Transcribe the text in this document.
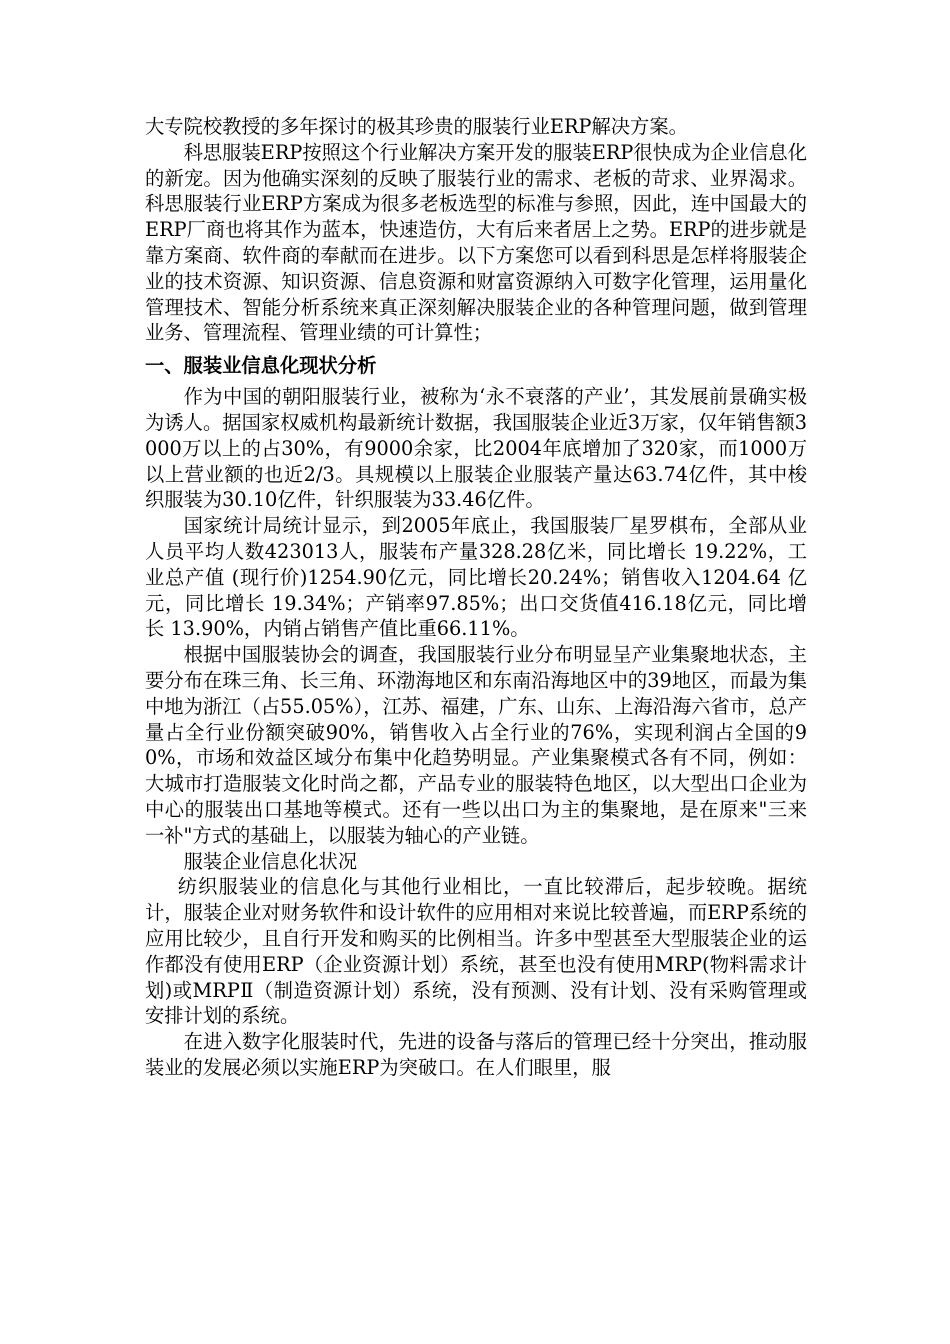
大专院校教授的多年探讨的极其珍贵的服装行业ERP解决方案。

科思服装ERP按照这个行业解决方案开发的服装ERP很快成为企业信息化的新宠。因为他确实深刻的反映了服装行业的需求、老板的苛求、业界渴求。科思服装行业ERP方案成为很多老板选型的标准与参照，因此，连中国最大的ERP厂商也将其作为蓝本，快速造仿，大有后来者居上之势。ERP的进步就是靠方案商、软件商的奉献而在进步。以下方案您可以看到科思是怎样将服装企业的技术资源、知识资源、信息资源和财富资源纳入可数字化管理，运用量化管理技术、智能分析系统来真正深刻解决服装企业的各种管理问题，做到管理业务、管理流程、管理业绩的可计算性；

一、服装业信息化现状分析

作为中国的朝阳服装行业，被称为‘永不衰落的产业’，其发展前景确实极为诱人。据国家权威机构最新统计数据，我国服装企业近3万家，仅年销售额3000万以上的占30%，有9000余家，比2004年底增加了320家，而1000万以上营业额的也近2/3。具规模以上服装企业服装产量达63.74亿件，其中梭织服装为30.10亿件，针织服装为33.46亿件。

国家统计局统计显示，到2005年底止，我国服装厂星罗棋布，全部从业人员平均人数423013人，服装布产量328.28亿米，同比增长 19.22%，工业总产值 (现行价)1254.90亿元，同比增长20.24%；销售收入1204.64 亿元，同比增长 19.34%；产销率97.85%；出口交货值416.18亿元，同比增长 13.90%，内销占销售产值比重66.11%。

根据中国服装协会的调查，我国服装行业分布明显呈产业集聚地状态，主要分布在珠三角、长三角、环渤海地区和东南沿海地区中的39地区，而最为集中地为浙江（占55.05%），江苏、福建，广东、山东、上海沿海六省市，总产量占全行业份额突破90%，销售收入占全行业的76%，实现利润占全国的90%，市场和效益区域分布集中化趋势明显。产业集聚模式各有不同，例如：大城市打造服装文化时尚之都，产品专业的服装特色地区，以大型出口企业为中心的服装出口基地等模式。还有一些以出口为主的集聚地，是在原来"三来一补"方式的基础上，以服装为轴心的产业链。

服装企业信息化状况

纺织服装业的信息化与其他行业相比，一直比较滞后，起步较晚。据统计，服装企业对财务软件和设计软件的应用相对来说比较普遍，而ERP系统的应用比较少，且自行开发和购买的比例相当。许多中型甚至大型服装企业的运作都没有使用ERP（企业资源计划）系统，甚至也没有使用MRP(物料需求计划)或MRPⅡ（制造资源计划）系统，没有预测、没有计划、没有采购管理或安排计划的系统。

在进入数字化服装时代，先进的设备与落后的管理已经十分突出，推动服装业的发展必须以实施ERP为突破口。在人们眼里，服
